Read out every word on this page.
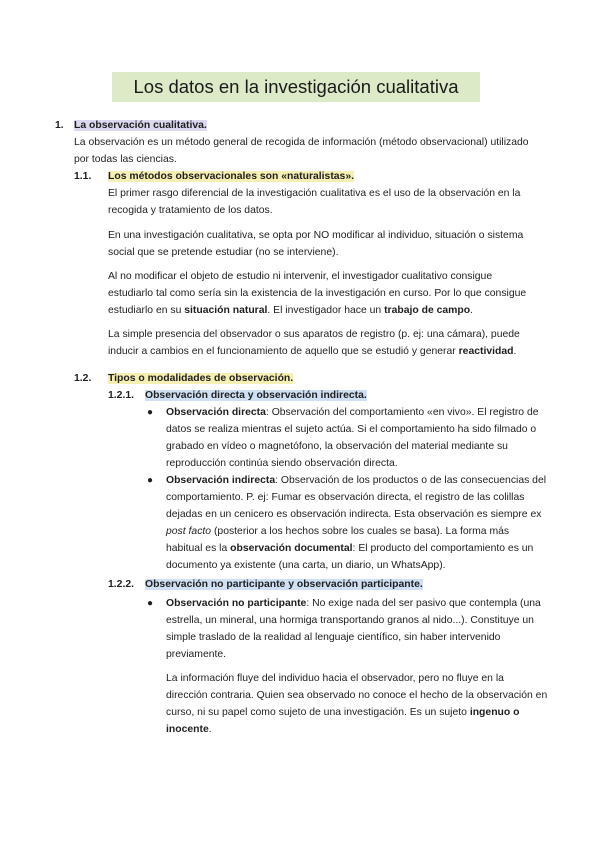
Los datos en la investigación cualitativa
1. La observación cualitativa.
La observación es un método general de recogida de información (método observacional) utilizado
por todas las ciencias.
1.1. Los métodos observacionales son «naturalistas».
El primer rasgo diferencial de la investigación cualitativa es el uso de la observación en la
recogida y tratamiento de los datos.
En una investigación cualitativa, se opta por NO modificar al individuo, situación o sistema
social que se pretende estudiar (no se interviene).
Al no modificar el objeto de estudio ni intervenir, el investigador cualitativo consigue
estudiarlo tal como sería sin la existencia de la investigación en curso. Por lo que consigue
estudiarlo en su situación natural. El investigador hace un trabajo de campo.
La simple presencia del observador o sus aparatos de registro (p. ej: una cámara), puede
inducir a cambios en el funcionamiento de aquello que se estudió y generar reactividad.
1.2. Tipos o modalidades de observación.
1.2.1. Observación directa y observación indirecta.
● Observación directa: Observación del comportamiento «en vivo». El registro de
datos se realiza mientras el sujeto actúa. Si el comportamiento ha sido filmado o
grabado en vídeo o magnetófono, la observación del material mediante su
reproducción continúa siendo observación directa.
● Observación indirecta: Observación de los productos o de las consecuencias del
comportamiento. P. ej: Fumar es observación directa, el registro de las colillas
dejadas en un cenicero es observación indirecta. Esta observación es siempre ex
post facto (posterior a los hechos sobre los cuales se basa). La forma más
habitual es la observación documental: El producto del comportamiento es un
documento ya existente (una carta, un diario, un WhatsApp).
1.2.2. Observación no participante y observación participante.
● Observación no participante: No exige nada del ser pasivo que contempla (una
estrella, un mineral, una hormiga transportando granos al nido...). Constituye un
simple traslado de la realidad al lenguaje científico, sin haber intervenido
previamente.
La información fluye del individuo hacia el observador, pero no fluye en la
dirección contraria. Quien sea observado no conoce el hecho de la observación en
curso, ni su papel como sujeto de una investigación. Es un sujeto ingenuo o
inocente.
